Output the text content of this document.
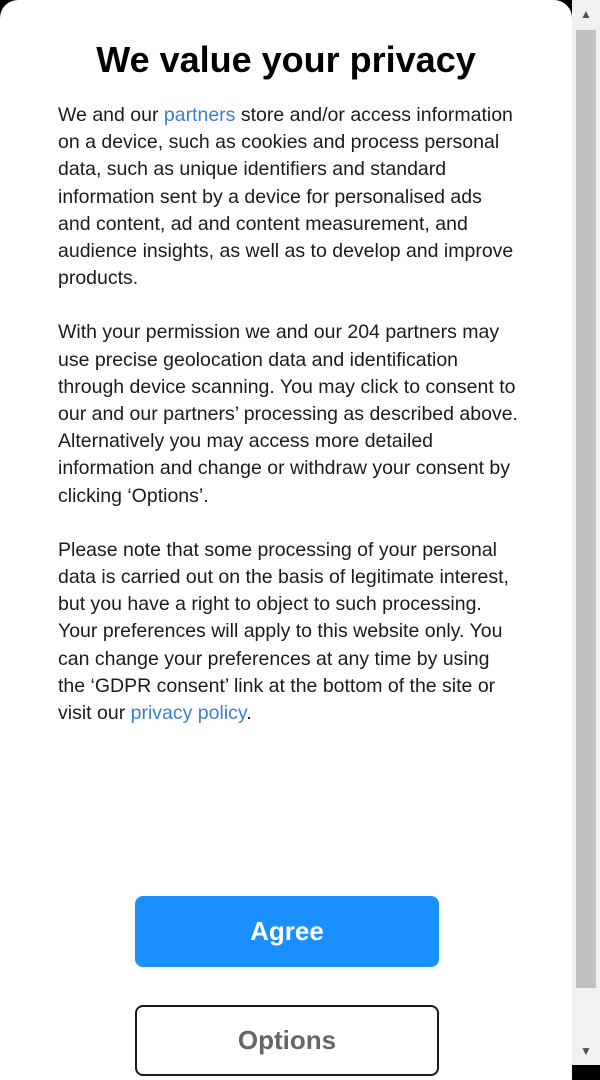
We value your privacy

We and our partners store and/or access information on a device, such as cookies and process personal data, such as unique identifiers and standard information sent by a device for personalised ads and content, ad and content measurement, and audience insights, as well as to develop and improve products.

With your permission we and our 204 partners may use precise geolocation data and identification through device scanning. You may click to consent to our and our partners’ processing as described above. Alternatively you may access more detailed information and change or withdraw your consent by clicking ‘Options’.

Please note that some processing of your personal data is carried out on the basis of legitimate interest, but you have a right to object to such processing. Your preferences will apply to this website only. You can change your preferences at any time by using the ‘GDPR consent’ link at the bottom of the site or visit our privacy policy.

Agree
Options
▲
▼
